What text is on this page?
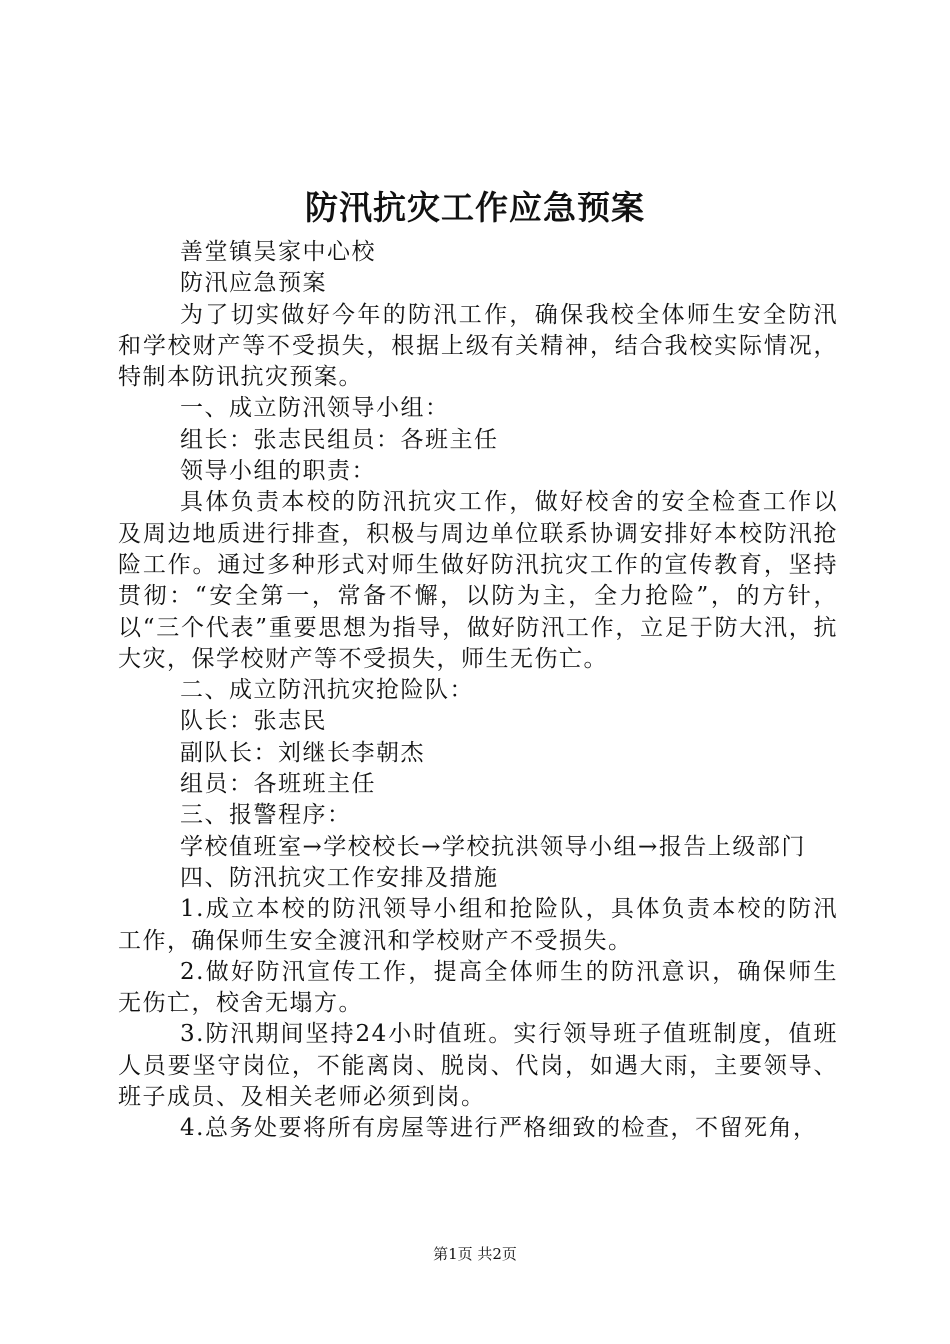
防汛抗灾工作应急预案

善堂镇吴家中心校

防汛应急预案

为了切实做好今年的防汛工作，确保我校全体师生安全防汛和学校财产等不受损失，根据上级有关精神，结合我校实际情况，特制本防讯抗灾预案。

一、成立防汛领导小组：

组长：张志民组员：各班主任

领导小组的职责：

具体负责本校的防汛抗灾工作，做好校舍的安全检查工作以及周边地质进行排查，积极与周边单位联系协调安排好本校防汛抢险工作。通过多种形式对师生做好防汛抗灾工作的宣传教育，坚持贯彻：“安全第一，常备不懈，以防为主，全力抢险”，的方针，以“三个代表”重要思想为指导，做好防汛工作，立足于防大汛，抗大灾，保学校财产等不受损失，师生无伤亡。

二、成立防汛抗灾抢险队：

队长：张志民

副队长：刘继长李朝杰

组员：各班班主任

三、报警程序：

学校值班室→学校校长→学校抗洪领导小组→报告上级部门

四、防汛抗灾工作安排及措施

1.成立本校的防汛领导小组和抢险队，具体负责本校的防汛工作，确保师生安全渡汛和学校财产不受损失。

2.做好防汛宣传工作，提高全体师生的防汛意识，确保师生无伤亡，校舍无塌方。

3.防汛期间坚持24小时值班。实行领导班子值班制度，值班人员要坚守岗位，不能离岗、脱岗、代岗，如遇大雨，主要领导、班子成员、及相关老师必须到岗。

4.总务处要将所有房屋等进行严格细致的检查，不留死角，

第1页 共2页
